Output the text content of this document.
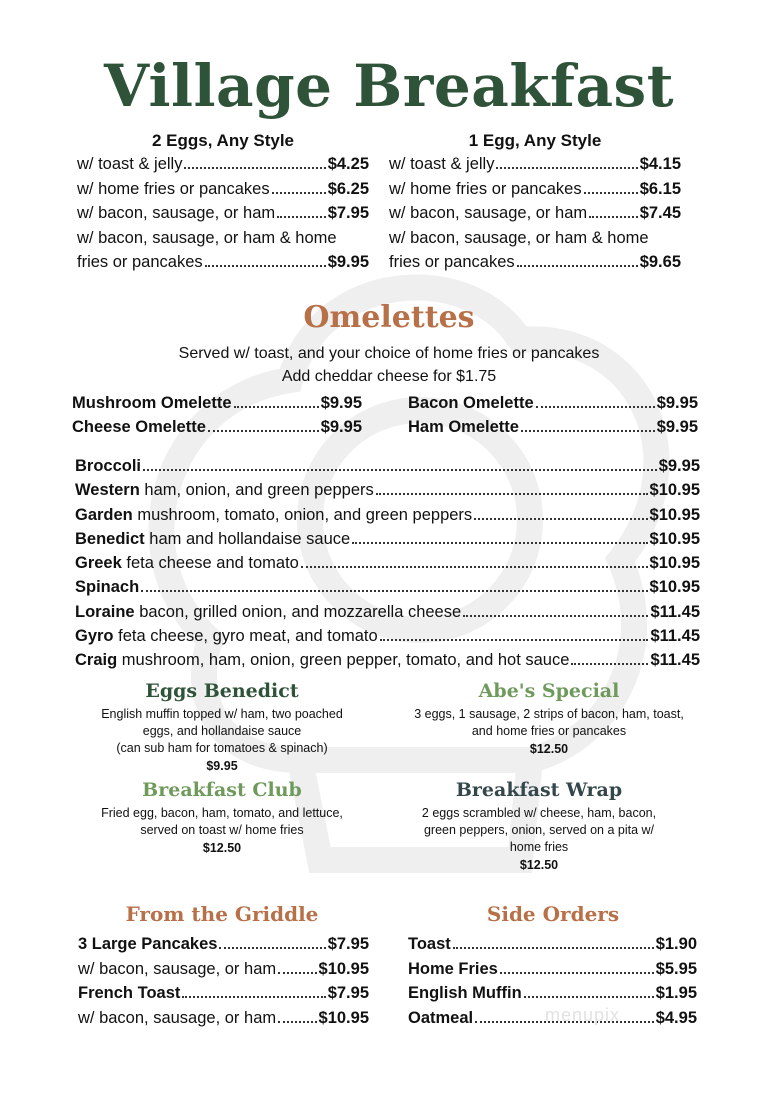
Village Breakfast
2 Eggs, Any Style
w/ toast & jelly	$4.25
w/ home fries or pancakes	$6.25
w/ bacon, sausage, or ham	$7.95
w/ bacon, sausage, or ham & home
fries or pancakes	$9.95
1 Egg, Any Style
w/ toast & jelly	$4.15
w/ home fries or pancakes	$6.15
w/ bacon, sausage, or ham	$7.45
w/ bacon, sausage, or ham & home
fries or pancakes	$9.65
Omelettes
Served w/ toast, and your choice of home fries or pancakes
Add cheddar cheese for $1.75
Mushroom Omelette	$9.95
Cheese Omelette	$9.95
Bacon Omelette	$9.95
Ham Omelette	$9.95
Broccoli	$9.95
Western
ham, onion, and green peppers	$10.95
Garden
mushroom, tomato, onion, and green peppers	$10.95
Benedict
ham and hollandaise sauce	$10.95
Greek
feta cheese and tomato	$10.95
Spinach	$10.95
Loraine
bacon, grilled onion, and mozzarella cheese	$11.45
Gyro
feta cheese, gyro meat, and tomato	$11.45
Craig
mushroom, ham, onion, green pepper, tomato, and hot sauce	$11.45
Eggs Benedict
English muffin topped w/ ham, two poached
eggs, and hollandaise sauce
(can sub ham for tomatoes & spinach)
$9.95
Abe's Special
3 eggs, 1 sausage, 2 strips of bacon, ham, toast,
and home fries or pancakes
$12.50
Breakfast Club
Fried egg, bacon, ham, tomato, and lettuce,
served on toast w/ home fries
$12.50
Breakfast Wrap
2 eggs scrambled w/ cheese, ham, bacon,
green peppers, onion, served on a pita w/
home fries
$12.50
From the Griddle
3 Large Pancakes	$7.95
w/ bacon, sausage, or ham	$10.95
French Toast	$7.95
w/ bacon, sausage, or ham	$10.95
Side Orders
Toast	$1.90
Home Fries	$5.95
English Muffin	$1.95
Oatmeal	$4.95
menupix
